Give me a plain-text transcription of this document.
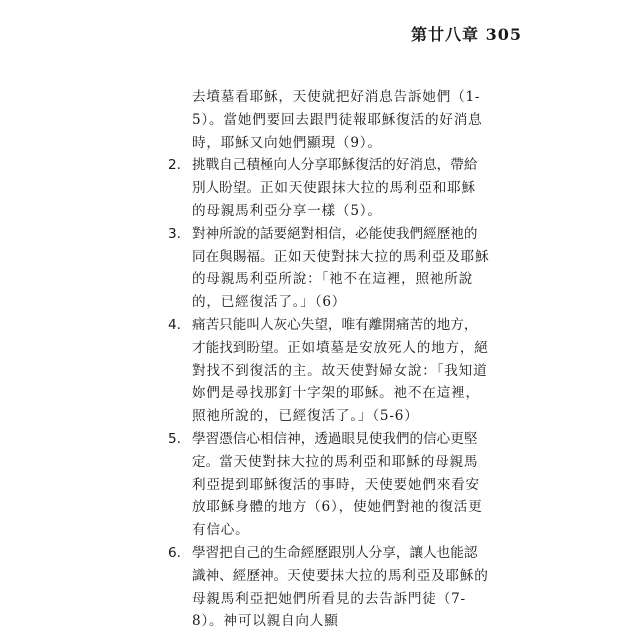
第廿八章 305

去墳墓看耶穌，天使就把好消息告訴她們（1-5）。當她們要回去跟門徒報耶穌復活的好消息時，耶穌又向她們顯現（9）。

2. 挑戰自己積極向人分享耶穌復活的好消息，帶給別人盼望。正如天使跟抹大拉的馬利亞和耶穌的母親馬利亞分享一樣（5）。
3. 對神所說的話要絕對相信，必能使我們經歷祂的同在與賜福。正如天使對抹大拉的馬利亞及耶穌的母親馬利亞所說：「祂不在這裡，照祂所說的，已經復活了。」（6）
4. 痛苦只能叫人灰心失望，唯有離開痛苦的地方，才能找到盼望。正如墳墓是安放死人的地方，絕對找不到復活的主。故天使對婦女說：「我知道妳們是尋找那釘十字架的耶穌。祂不在這裡，照祂所說的，已經復活了。」（5-6）
5. 學習憑信心相信神，透過眼見使我們的信心更堅定。當天使對抹大拉的馬利亞和耶穌的母親馬利亞提到耶穌復活的事時，天使要她們來看安放耶穌身體的地方（6），使她們對祂的復活更有信心。
6. 學習把自己的生命經歷跟別人分享，讓人也能認識神、經歷神。天使要抹大拉的馬利亞及耶穌的母親馬利亞把她們所看見的去告訴門徒（7-8）。神可以親自向人顯
